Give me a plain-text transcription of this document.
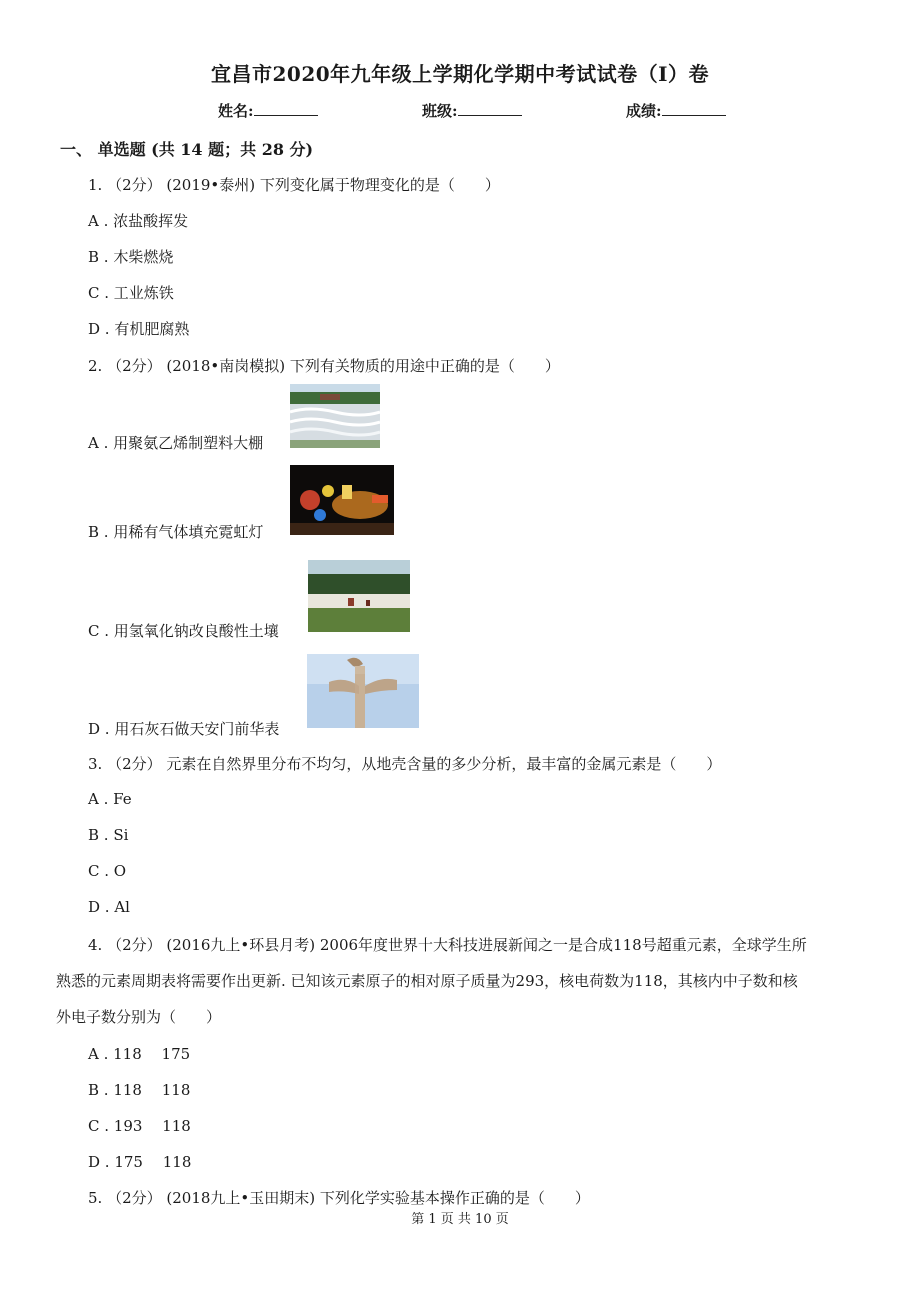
宜昌市2020年九年级上学期化学期中考试试卷（I）卷
姓名:	班级:	成绩:
一、 单选题 (共 14 题；共 28 分)
1. （2分） (2019•泰州) 下列变化属于物理变化的是（　　）
A . 浓盐酸挥发
B . 木柴燃烧
C . 工业炼铁
D . 有机肥腐熟
2. （2分） (2018•南岗模拟) 下列有关物质的用途中正确的是（　　）
A . 用聚氨乙烯制塑料大棚
B . 用稀有气体填充霓虹灯
C . 用氢氧化钠改良酸性土壤
D . 用石灰石做天安门前华表
3. （2分） 元素在自然界里分布不均匀，从地壳含量的多少分析，最丰富的金属元素是（　　）
A . Fe
B . Si
C . O
D . Al
4. （2分） (2016九上•环县月考) 2006年度世界十大科技进展新闻之一是合成118号超重元素，全球学生所
熟悉的元素周期表将需要作出更新. 已知该元素原子的相对原子质量为293，核电荷数为118，其核内中子数和核
外电子数分别为（　　）
A . 118　 175
B . 118　 118
C . 193　 118
D . 175　 118
5. （2分） (2018九上•玉田期末) 下列化学实验基本操作正确的是（　　）
第 1 页 共 10 页
